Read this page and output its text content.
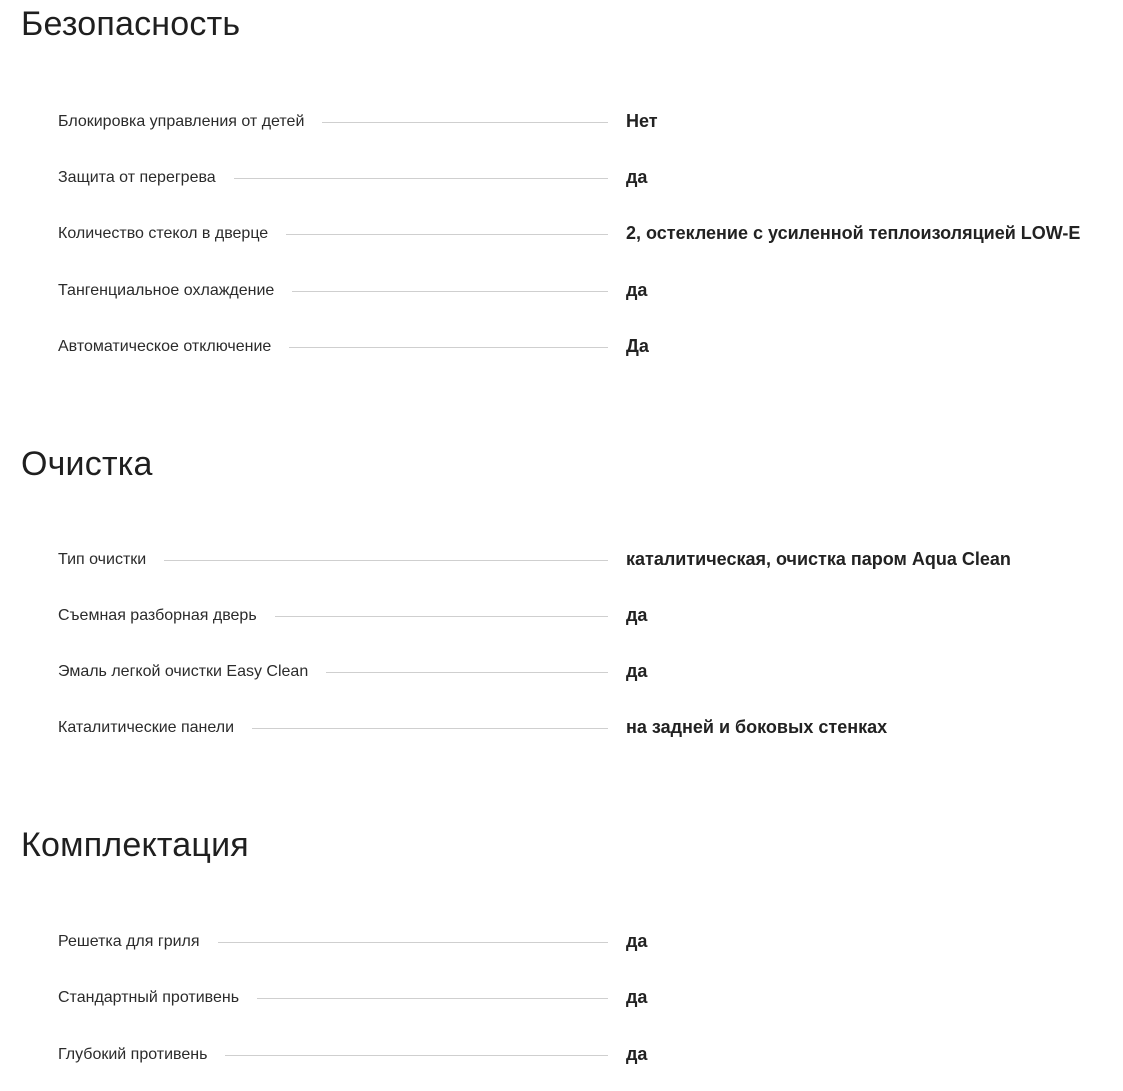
Безопасность
Блокировка управления от детей	Нет
Защита от перегрева	да
Количество стекол в дверце	2, остекление с усиленной теплоизоляцией LOW-E
Тангенциальное охлаждение	да
Автоматическое отключение	Да
Очистка
Тип очистки	каталитическая, очистка паром Aqua Clean
Съемная разборная дверь	да
Эмаль легкой очистки Easy Clean	да
Каталитические панели	на задней и боковых стенках
Комплектация
Решетка для гриля	да
Стандартный противень	да
Глубокий противень	да
